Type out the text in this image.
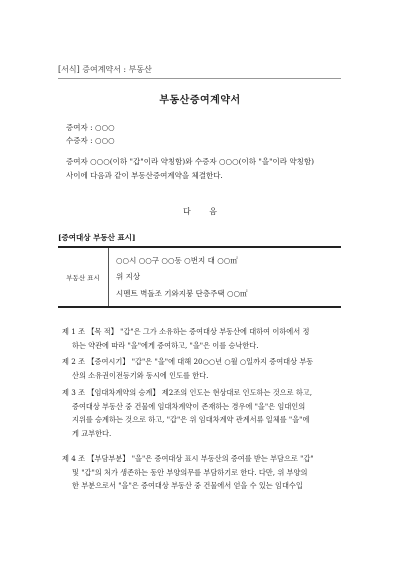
[서식] 증여계약서 : 부동산
부동산증여계약서
증여자 : ○○○
수증자 : ○○○
증여자 ○○○(이하 "갑"이라 약칭함)와 수증자 ○○○(이하 "을"이라 약칭함)
사이에 다음과 같이 부동산증여계약을 체결한다.
다 음
[증여대상 부동산 표시]
부동산 표시
○○시 ○○구 ○○동 ○번지 대 ○○㎡
위 지상
시멘트 벽돌조 기와지붕 단층주택 ○○㎡
제 1 조 【목 적】 "갑"은 그가 소유하는 증여대상 부동산에 대하여 이하에서 정
하는 약관에 따라 "을"에게 증여하고, "을"은 이를 승낙한다.
제 2 조 【증여시기】 "갑"은 "을"에 대해 20○○년 ○월 ○일까지 증여대상 부동
산의 소유권이전등기와 동시에 인도를 한다.
제 3 조 【임대차계약의 승계】 제2조의 인도는 현상대로 인도하는 것으로 하고,
증여대상 부동산 중 건물에 임대차계약이 존재하는 경우에 "을"은 임대인의
지위를 승계하는 것으로 하고, "갑"은 위 임대차계약 관계서류 일체를 "을"에
게 교부한다.
제 4 조 【부담부분】 "을"은 증여대상 표시 부동산의 증여를 받는 부담으로 "갑"
및 "갑"의 처가 생존하는 동안 부양의무를 부담하기로 한다. 다만, 위 부양의
한 부분으로서 "을"은 증여대상 부동산 중 건물에서 얻을 수 있는 임대수입
